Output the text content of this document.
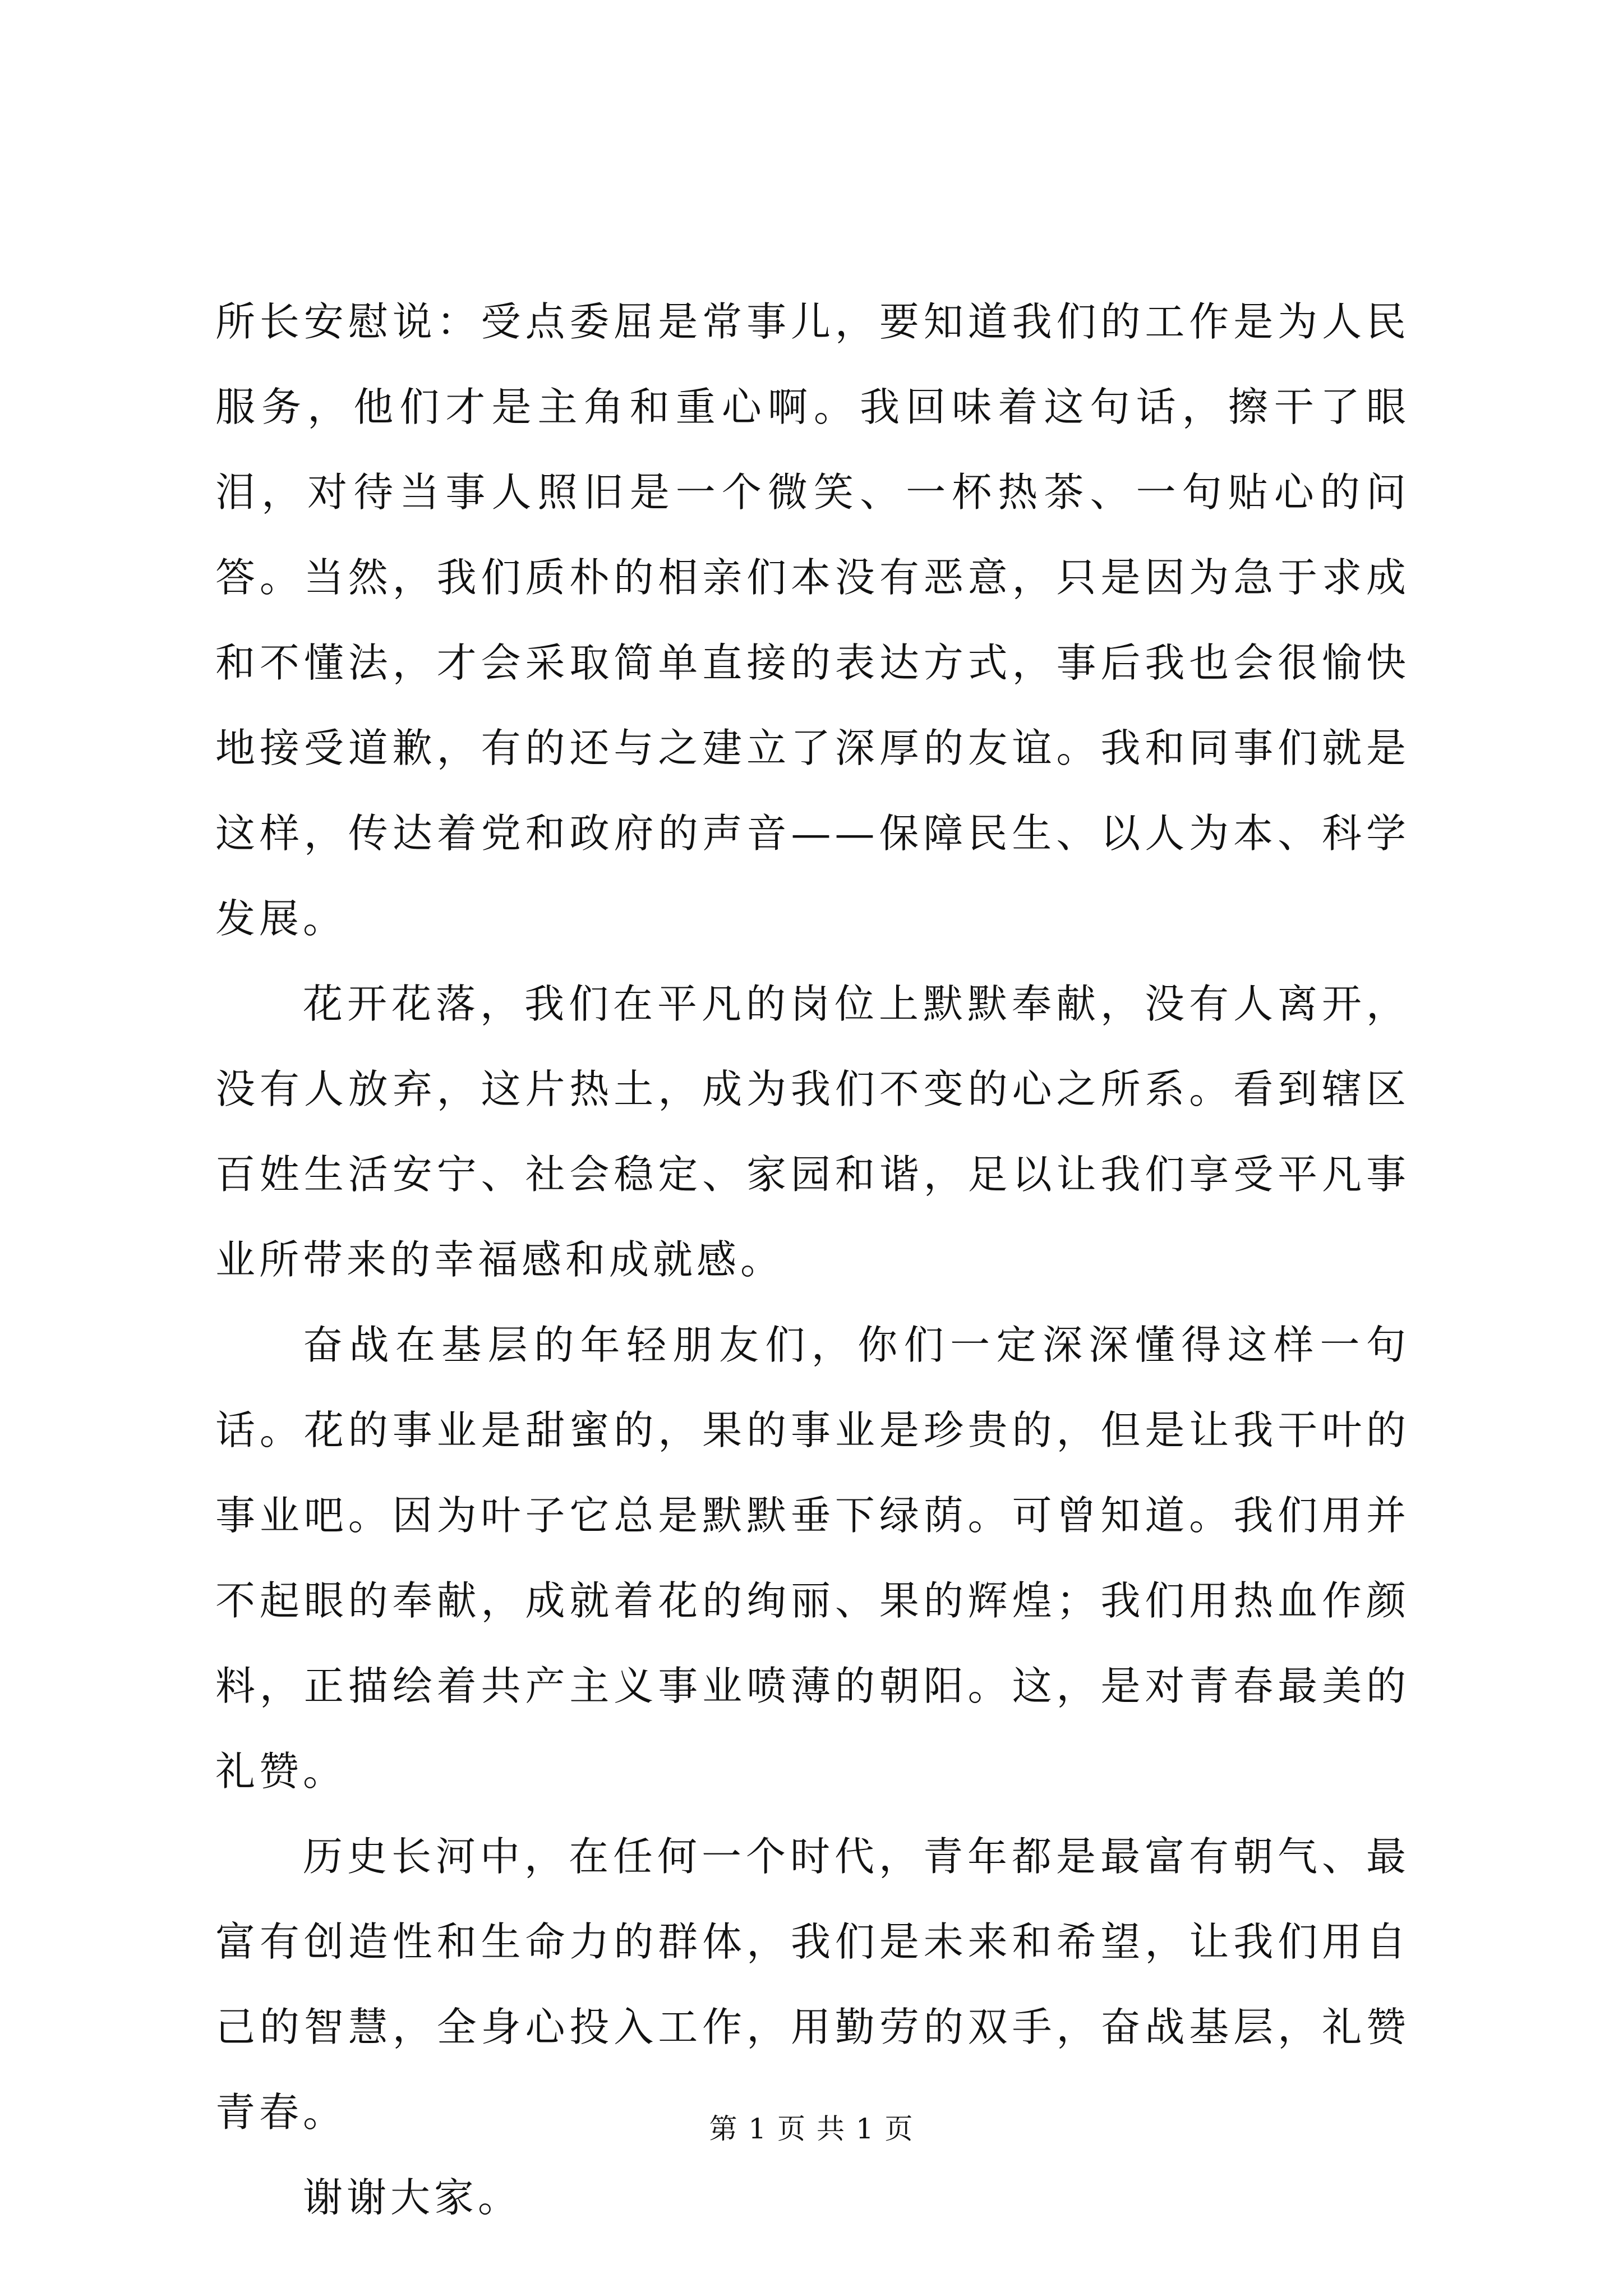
所长安慰说：受点委屈是常事儿，要知道我们的工作是为人民服务，他们才是主角和重心啊。我回味着这句话，擦干了眼泪，对待当事人照旧是一个微笑、一杯热茶、一句贴心的问答。当然，我们质朴的相亲们本没有恶意，只是因为急于求成和不懂法，才会采取简单直接的表达方式，事后我也会很愉快地接受道歉，有的还与之建立了深厚的友谊。我和同事们就是这样，传达着党和政府的声音——保障民生、以人为本、科学发展。

花开花落，我们在平凡的岗位上默默奉献，没有人离开，没有人放弃，这片热土，成为我们不变的心之所系。看到辖区百姓生活安宁、社会稳定、家园和谐，足以让我们享受平凡事业所带来的幸福感和成就感。

奋战在基层的年轻朋友们，你们一定深深懂得这样一句话。花的事业是甜蜜的，果的事业是珍贵的，但是让我干叶的事业吧。因为叶子它总是默默垂下绿荫。可曾知道。我们用并不起眼的奉献，成就着花的绚丽、果的辉煌；我们用热血作颜料，正描绘着共产主义事业喷薄的朝阳。这，是对青春最美的礼赞。

历史长河中，在任何一个时代，青年都是最富有朝气、最富有创造性和生命力的群体，我们是未来和希望，让我们用自己的智慧，全身心投入工作，用勤劳的双手，奋战基层，礼赞青春。

谢谢大家。

第 1 页 共 1 页
